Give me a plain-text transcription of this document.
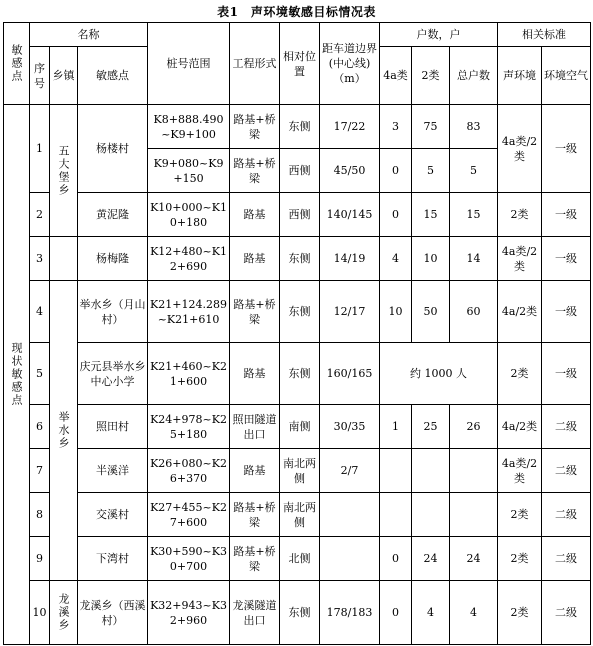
表1　声环境敏感目标情况表
敏感点	名称			桩号范围	工程形式	相对位置	距车道边界(中心线)（m）	户数，户			相关标准	
	序号	乡镇	敏感点					4a类	2类	总户数	声环境	环境空气
现状敏感点	1	五大堡乡	杨楼村	K8+888.490~K9+100	路基+桥梁	东侧	17/22	3	75	83	4a类/2类	一级
				K9+080~K9+150	路基+桥梁	西侧	45/50	0	5	5		
	2		黄泥隆	K10+000~K10+180	路基	西侧	140/145	0	15	15	2类	一级
	3		杨梅隆	K12+480~K12+690	路基	东侧	14/19	4	10	14	4a类/2类	一级
	4	举水乡	举水乡（月山村）	K21+124.289~K21+610	路基+桥梁	东侧	12/17	10	50	60	4a/2类	一级
	5		庆元县举水乡中心小学	K21+460~K21+600	路基	东侧	160/165	约 1000 人			2类	一级
	6		照田村	K24+978~K25+180	照田隧道出口	南侧	30/35	1	25	26	4a/2类	二级
	7		半溪洋	K26+080~K26+370	路基	南北两侧	2/7				4a类/2类	二级
	8		交溪村	K27+455~K27+600	路基+桥梁	南北两侧					2类	二级
	9		下湾村	K30+590~K30+700	路基+桥梁	北侧		0	24	24	2类	二级
	10	龙溪乡	龙溪乡（西溪村）	K32+943~K32+960	龙溪隧道出口	东侧	178/183	0	4	4	2类	二级
